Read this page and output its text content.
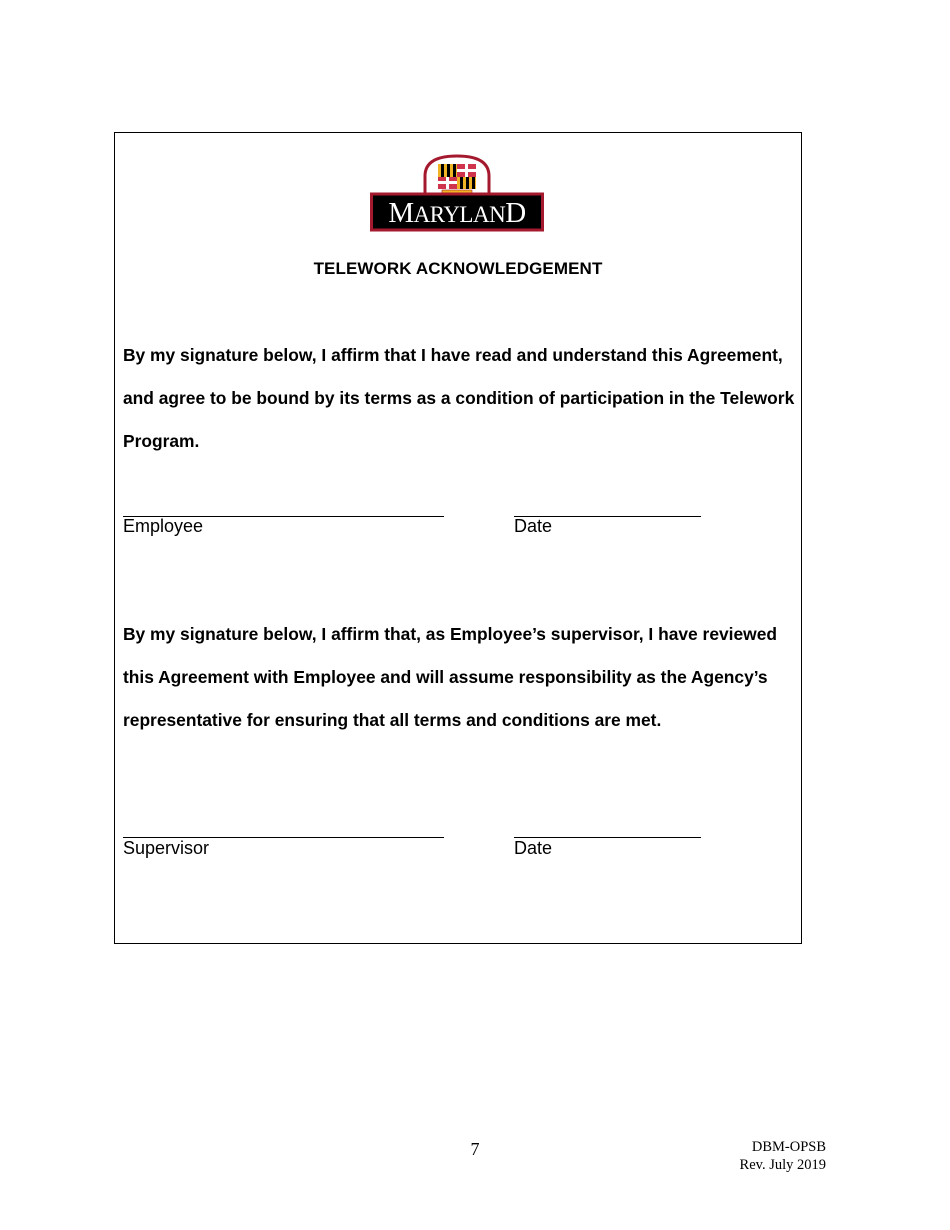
MARYLAND
TELEWORK ACKNOWLEDGEMENT
By my signature below, I affirm that I have read and understand this Agreement, and agree to be bound by its terms as a condition of participation in the Telework Program.
Employee	Date
By my signature below, I affirm that, as Employee’s supervisor, I have reviewed this Agreement with Employee and will assume responsibility as the Agency’s representative for ensuring that all terms and conditions are met.
Supervisor	Date
7	DBM-OPSB
Rev. July 2019
